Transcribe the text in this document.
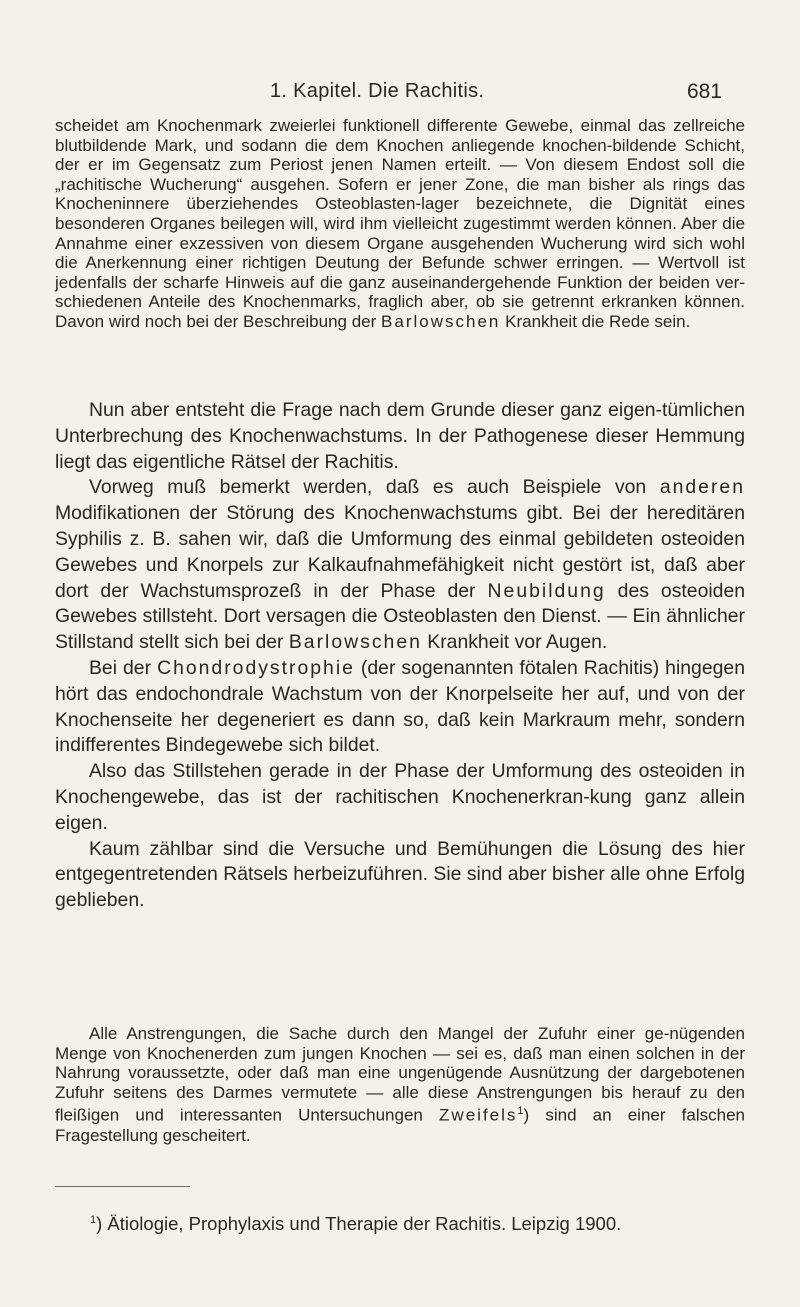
1. Kapitel. Die Rachitis.	681

scheidet am Knochenmark zweierlei funktionell differente Gewebe, einmal das zellreiche blutbildende Mark, und sodann die dem Knochen anliegende knochen-bildende Schicht, der er im Gegensatz zum Periost jenen Namen erteilt. — Von diesem Endost soll die „rachitische Wucherung“ ausgehen. Sofern er jener Zone, die man bisher als rings das Knocheninnere überziehendes Osteoblasten-lager bezeichnete, die Dignität eines besonderen Organes beilegen will, wird ihm vielleicht zugestimmt werden können. Aber die Annahme einer exzessiven von diesem Organe ausgehenden Wucherung wird sich wohl die Anerkennung einer richtigen Deutung der Befunde schwer erringen. — Wertvoll ist jedenfalls der scharfe Hinweis auf die ganz auseinandergehende Funktion der beiden ver-schiedenen Anteile des Knochenmarks, fraglich aber, ob sie getrennt erkranken können. Davon wird noch bei der Beschreibung der Barlowschen Krankheit die Rede sein.

Nun aber entsteht die Frage nach dem Grunde dieser ganz eigen-tümlichen Unterbrechung des Knochenwachstums. In der Pathogenese dieser Hemmung liegt das eigentliche Rätsel der Rachitis.

Vorweg muß bemerkt werden, daß es auch Beispiele von anderen Modifikationen der Störung des Knochenwachstums gibt. Bei der hereditären Syphilis z. B. sahen wir, daß die Umformung des einmal gebildeten osteoiden Gewebes und Knorpels zur Kalkaufnahmefähigkeit nicht gestört ist, daß aber dort der Wachstumsprozeß in der Phase der Neubildung des osteoiden Gewebes stillsteht. Dort versagen die Osteoblasten den Dienst. — Ein ähnlicher Stillstand stellt sich bei der Barlowschen Krankheit vor Augen.

Bei der Chondrodystrophie (der sogenannten fötalen Rachitis) hingegen hört das endochondrale Wachstum von der Knorpelseite her auf, und von der Knochenseite her degeneriert es dann so, daß kein Markraum mehr, sondern indifferentes Bindegewebe sich bildet.

Also das Stillstehen gerade in der Phase der Umformung des osteoiden in Knochengewebe, das ist der rachitischen Knochenerkran-kung ganz allein eigen.

Kaum zählbar sind die Versuche und Bemühungen die Lösung des hier entgegentretenden Rätsels herbeizuführen. Sie sind aber bisher alle ohne Erfolg geblieben.

Alle Anstrengungen, die Sache durch den Mangel der Zufuhr einer ge-nügenden Menge von Knochenerden zum jungen Knochen — sei es, daß man einen solchen in der Nahrung voraussetzte, oder daß man eine ungenügende Ausnützung der dargebotenen Zufuhr seitens des Darmes vermutete — alle diese Anstrengungen bis herauf zu den fleißigen und interessanten Untersuchungen Zweifels$^1$) sind an einer falschen Fragestellung gescheitert.

$^1$) Ätiologie, Prophylaxis und Therapie der Rachitis. Leipzig 1900.
